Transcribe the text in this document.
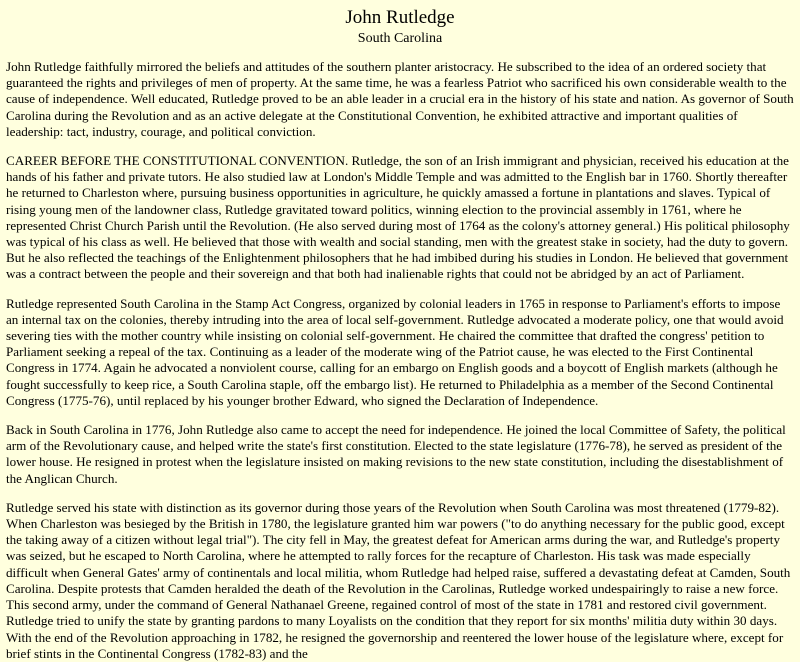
John Rutledge
South Carolina

John Rutledge faithfully mirrored the beliefs and attitudes of the southern planter aristocracy. He subscribed to the idea of an ordered society that guaranteed the rights and privileges of men of property. At the same time, he was a fearless Patriot who sacrificed his own considerable wealth to the cause of independence. Well educated, Rutledge proved to be an able leader in a crucial era in the history of his state and nation. As governor of South Carolina during the Revolution and as an active delegate at the Constitutional Convention, he exhibited attractive and important qualities of leadership: tact, industry, courage, and political conviction.

CAREER BEFORE THE CONSTITUTIONAL CONVENTION. Rutledge, the son of an Irish immigrant and physician, received his education at the hands of his father and private tutors. He also studied law at London's Middle Temple and was admitted to the English bar in 1760. Shortly thereafter he returned to Charleston where, pursuing business opportunities in agriculture, he quickly amassed a fortune in plantations and slaves. Typical of rising young men of the landowner class, Rutledge gravitated toward politics, winning election to the provincial assembly in 1761, where he represented Christ Church Parish until the Revolution. (He also served during most of 1764 as the colony's attorney general.) His political philosophy was typical of his class as well. He believed that those with wealth and social standing, men with the greatest stake in society, had the duty to govern. But he also reflected the teachings of the Enlightenment philosophers that he had imbibed during his studies in London. He believed that government was a contract between the people and their sovereign and that both had inalienable rights that could not be abridged by an act of Parliament.

Rutledge represented South Carolina in the Stamp Act Congress, organized by colonial leaders in 1765 in response to Parliament's efforts to impose an internal tax on the colonies, thereby intruding into the area of local self-government. Rutledge advocated a moderate policy, one that would avoid severing ties with the mother country while insisting on colonial self-government. He chaired the committee that drafted the congress' petition to Parliament seeking a repeal of the tax. Continuing as a leader of the moderate wing of the Patriot cause, he was elected to the First Continental Congress in 1774. Again he advocated a nonviolent course, calling for an embargo on English goods and a boycott of English markets (although he fought successfully to keep rice, a South Carolina staple, off the embargo list). He returned to Philadelphia as a member of the Second Continental Congress (1775-76), until replaced by his younger brother Edward, who signed the Declaration of Independence.

Back in South Carolina in 1776, John Rutledge also came to accept the need for independence. He joined the local Committee of Safety, the political arm of the Revolutionary cause, and helped write the state's first constitution. Elected to the state legislature (1776-78), he served as president of the lower house. He resigned in protest when the legislature insisted on making revisions to the new state constitution, including the disestablishment of the Anglican Church.

Rutledge served his state with distinction as its governor during those years of the Revolution when South Carolina was most threatened (1779-82). When Charleston was besieged by the British in 1780, the legislature granted him war powers ("to do anything necessary for the public good, except the taking away of a citizen without legal trial"). The city fell in May, the greatest defeat for American arms during the war, and Rutledge's property was seized, but he escaped to North Carolina, where he attempted to rally forces for the recapture of Charleston. His task was made especially difficult when General Gates' army of continentals and local militia, whom Rutledge had helped raise, suffered a devastating defeat at Camden, South Carolina. Despite protests that Camden heralded the death of the Revolution in the Carolinas, Rutledge worked undespairingly to raise a new force. This second army, under the command of General Nathanael Greene, regained control of most of the state in 1781 and restored civil government. Rutledge tried to unify the state by granting pardons to many Loyalists on the condition that they report for six months' militia duty within 30 days. With the end of the Revolution approaching in 1782, he resigned the governorship and reentered the lower house of the legislature where, except for brief stints in the Continental Congress (1782-83) and the
